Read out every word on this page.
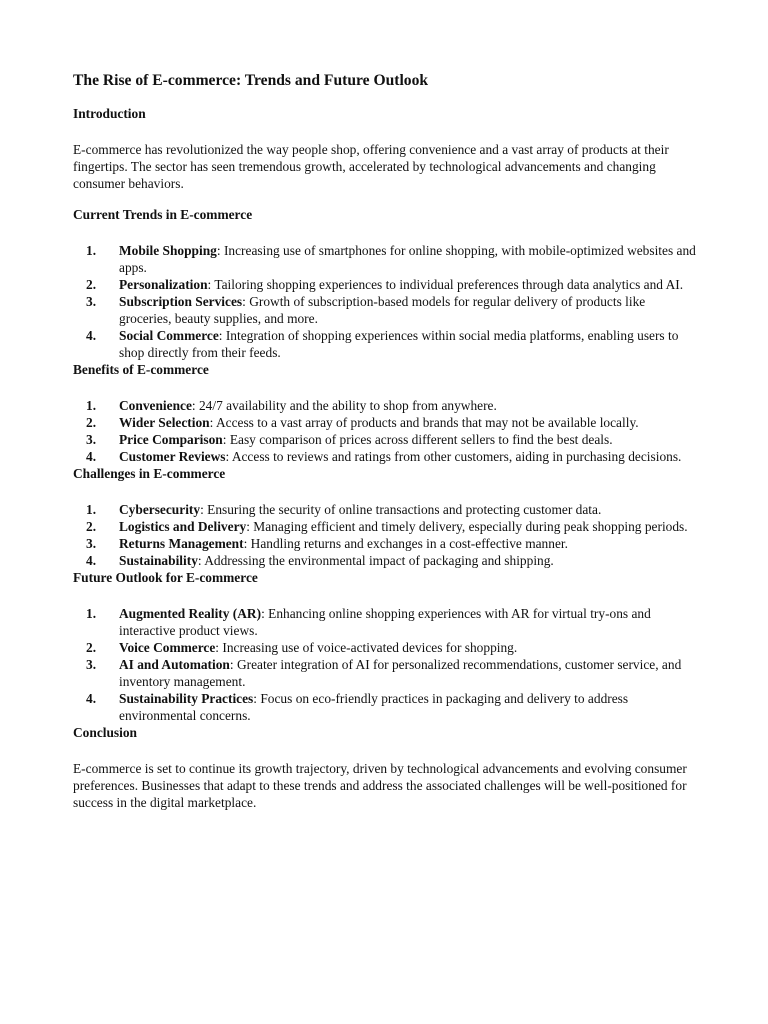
The Rise of E-commerce: Trends and Future Outlook
Introduction

E-commerce has revolutionized the way people shop, offering convenience and a vast array of products at their fingertips. The sector has seen tremendous growth, accelerated by technological advancements and changing consumer behaviors.

Current Trends in E-commerce
1. Mobile Shopping: Increasing use of smartphones for online shopping, with mobile-optimized websites and apps.
2. Personalization: Tailoring shopping experiences to individual preferences through data analytics and AI.
3. Subscription Services: Growth of subscription-based models for regular delivery of products like groceries, beauty supplies, and more.
4. Social Commerce: Integration of shopping experiences within social media platforms, enabling users to shop directly from their feeds.
Benefits of E-commerce
1. Convenience: 24/7 availability and the ability to shop from anywhere.
2. Wider Selection: Access to a vast array of products and brands that may not be available locally.
3. Price Comparison: Easy comparison of prices across different sellers to find the best deals.
4. Customer Reviews: Access to reviews and ratings from other customers, aiding in purchasing decisions.
Challenges in E-commerce
1. Cybersecurity: Ensuring the security of online transactions and protecting customer data.
2. Logistics and Delivery: Managing efficient and timely delivery, especially during peak shopping periods.
3. Returns Management: Handling returns and exchanges in a cost-effective manner.
4. Sustainability: Addressing the environmental impact of packaging and shipping.
Future Outlook for E-commerce
1. Augmented Reality (AR): Enhancing online shopping experiences with AR for virtual try-ons and interactive product views.
2. Voice Commerce: Increasing use of voice-activated devices for shopping.
3. AI and Automation: Greater integration of AI for personalized recommendations, customer service, and inventory management.
4. Sustainability Practices: Focus on eco-friendly practices in packaging and delivery to address environmental concerns.
Conclusion

E-commerce is set to continue its growth trajectory, driven by technological advancements and evolving consumer preferences. Businesses that adapt to these trends and address the associated challenges will be well-positioned for success in the digital marketplace.
